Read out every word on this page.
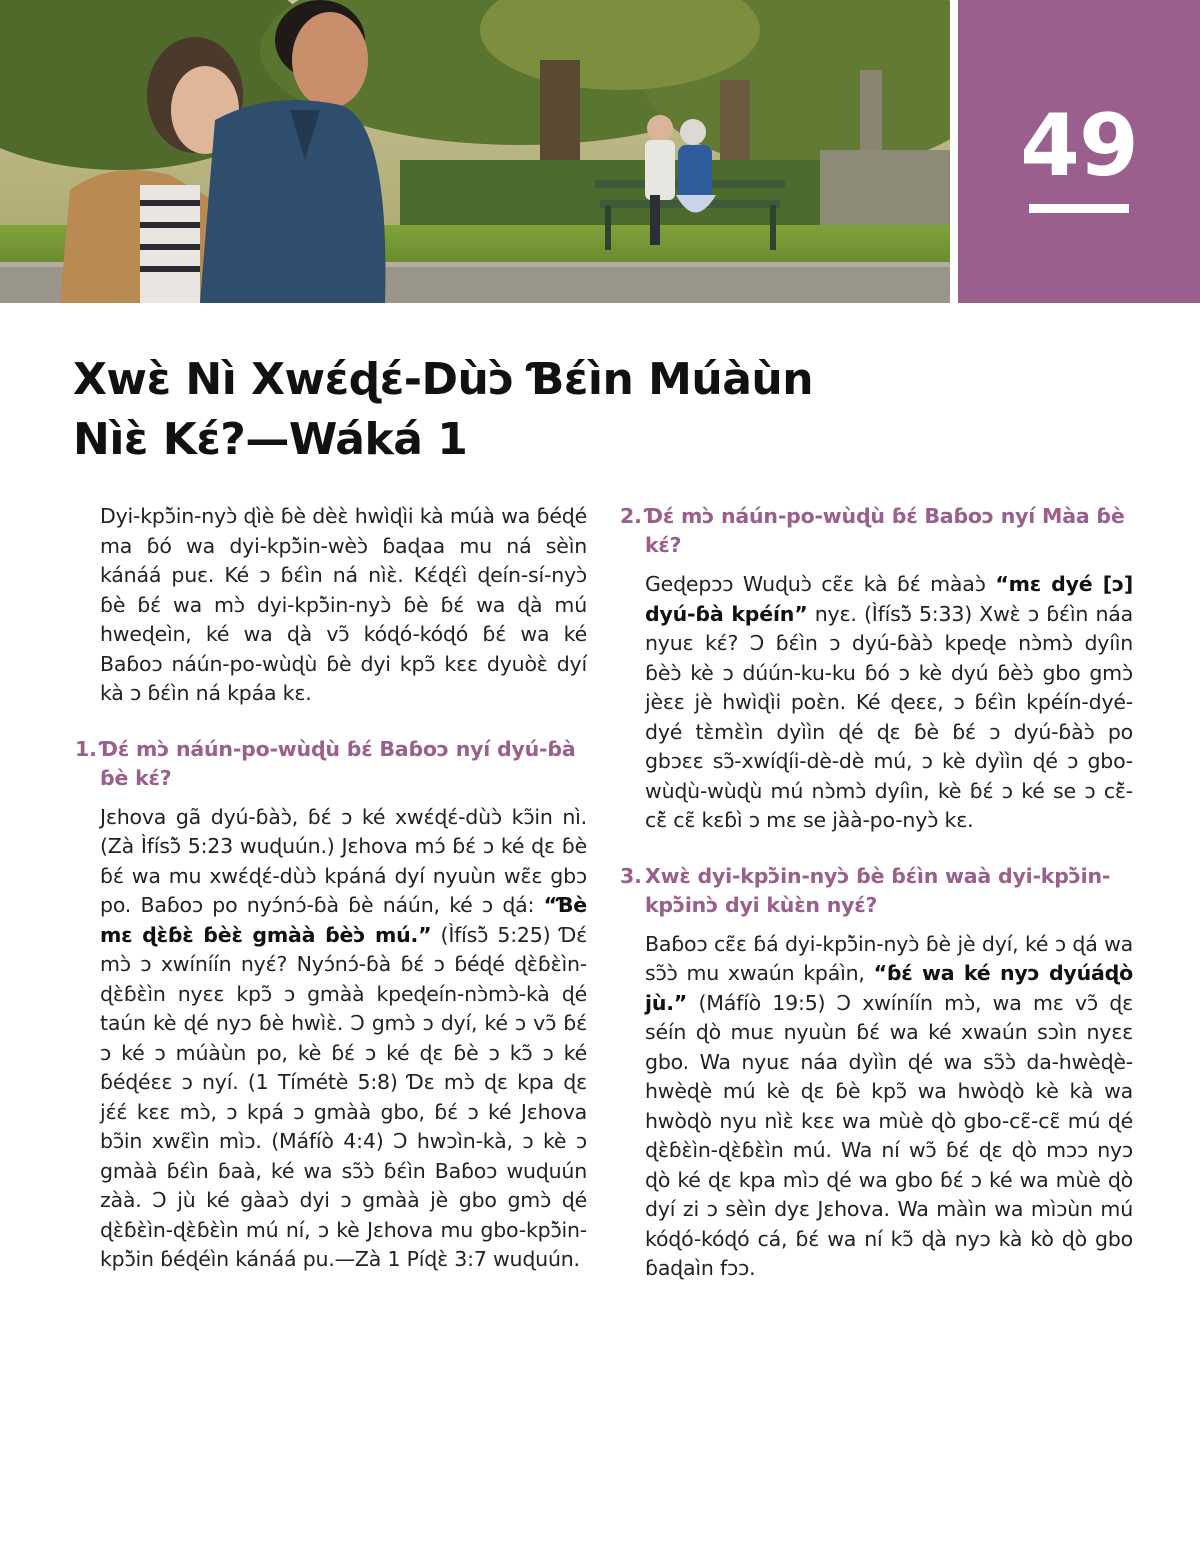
49
Xwɛ̀ Nì Xwɛ́ɖɛ́-Dùɔ̀ Ɓɛ́ìn Múàùn
Nìɛ̀ Kɛ́?—Wáká 1

Dyi-kpɔ̃̀in-nyɔ̀ ɖìè ɓè dèɛ̀ hwìɖìi kà múà wa ɓéɖé ma ɓó wa dyi-kpɔ̃̀in-wèɔ̀ ɓaɖaa mu ná sèìn kánáá puɛ. Ké ɔ ɓɛ́ìn ná nìɛ̀. Kɛ́ɖɛ́ì ɖeín-sí-nyɔ̀ ɓè ɓɛ́ wa mɔ̀ dyi-kpɔ̃̀in-nyɔ̀ ɓè ɓɛ́ wa ɖà mú hweɖeìn, ké wa ɖà vɔ̃ kóɖó-kóɖó ɓɛ́ wa ké Baɓoɔ náún-po-wùɖù ɓè dyi kpɔ̃ kɛɛ dyuòɛ̀ dyí kà ɔ ɓɛ́ìn ná kpáa kɛ.

1. Ɗɛ́ mɔ̀ náún-po-wùɖù ɓɛ́ Baɓoɔ nyí dyú-ɓà ɓè kɛ́?

Jɛhova gã dyú-ɓàɔ̀, ɓɛ́ ɔ ké xwɛ́ɖɛ́-dùɔ̀ kɔ̃in nì. (Zà Ìfísɔ̃̀ 5:23 wuɖuún.) Jɛhova mɔ́ ɓɛ́ ɔ ké ɖɛ ɓè ɓɛ́ wa mu xwɛ́ɖɛ́-dùɔ̀ kpáná dyí nyuùn wɛ̃ɛ gbɔ po. Baɓoɔ po nyɔ́nɔ́-ɓà ɓè náún, ké ɔ ɖá: “Ɓè mɛ ɖɛ̀ɓɛ̀ ɓèɛ̀ gmàà ɓèɔ̀ mú.” (Ìfísɔ̃̀ 5:25) Ɗɛ́ mɔ̀ ɔ xwíníín nyɛ́? Nyɔ́nɔ́-ɓà ɓɛ́ ɔ ɓéɖé ɖɛ̀ɓɛ̀ìn-ɖɛ̀ɓɛ̀ìn nyɛɛ kpɔ̃ ɔ gmàà kpeɖeín-nɔ̀mɔ̀-kà ɖé taún kè ɖé nyɔ ɓè hwìɛ̀. Ɔ gmɔ̀ ɔ dyí, ké ɔ vɔ̃ ɓɛ́ ɔ ké ɔ múàùn po, kè ɓɛ́ ɔ ké ɖɛ ɓè ɔ kɔ̃ ɔ ké ɓéɖéɛɛ ɔ nyí. (1 Tímétè 5:8) Ɗɛ mɔ̀ ɖɛ kpa ɖɛ jɛ́ɛ́ kɛɛ mɔ̀, ɔ kpá ɔ gmàà gbo, ɓɛ́ ɔ ké Jɛhova bɔ̃in xwɛ̃ìn mìɔ. (Máfíò 4:4) Ɔ hwɔìn-kà, ɔ kè ɔ gmàà ɓɛ́ìn ɓaà, ké wa sɔ̃ɔ̀ ɓɛ́ìn Baɓoɔ wuɖuún zàà. Ɔ jù ké gàaɔ̀ dyi ɔ gmàà jè gbo gmɔ̀ ɖé ɖɛ̀ɓɛ̀ìn-ɖɛ̀ɓɛ̀ìn mú ní, ɔ kè Jɛhova mu gbo-kpɔ̃̀in-kpɔ̃̀in ɓéɖéìn kánáá pu.—Zà 1 Píɖɛ̀ 3:7 wuɖuún.

2. Ɗɛ́ mɔ̀ náún-po-wùɖù ɓɛ́ Baɓoɔ nyí Màa ɓè kɛ́?

Geɖepɔɔ Wuɖuɔ̀ cɛ̃ɛ kà ɓɛ́ màaɔ̀ “mɛ dyé [ɔ] dyú-ɓà kpéín” nyɛ. (Ìfísɔ̃̀ 5:33) Xwɛ̀ ɔ ɓɛ́ìn náa nyuɛ kɛ́? Ɔ ɓɛ́ìn ɔ dyú-ɓàɔ̀ kpeɖe nɔ̀mɔ̀ dyíìn ɓèɔ̀ kè ɔ dúún-ku-ku ɓó ɔ kè dyú ɓèɔ̀ gbo gmɔ̀ jèɛɛ jè hwìɖìi poɛ̀n. Ké ɖeɛɛ, ɔ ɓɛ́ìn kpéín-dyé-dyé tɛ̀mɛ̀ìn dyììn ɖé ɖɛ ɓè ɓɛ́ ɔ dyú-ɓàɔ̀ po gbɔɛɛ sɔ̃-xwíɖíi-dè-dè mú, ɔ kè dyììn ɖé ɔ gbo-wùɖù-wùɖù mú nɔ̀mɔ̀ dyíìn, kè ɓɛ́ ɔ ké se ɔ cɛ̃̀-cɛ̃̀ cɛ̃ kɛɓì ɔ mɛ se jàà-po-nyɔ̀ kɛ.

3. Xwɛ̀ dyi-kpɔ̃̀in-nyɔ̀ ɓè ɓɛ́ìn waà dyi-kpɔ̃̀in-kpɔ̃̀inɔ̀ dyi kùɛ̀n nyɛ́?

Baɓoɔ cɛ̃ɛ ɓá dyi-kpɔ̃̀in-nyɔ̀ ɓè jè dyí, ké ɔ ɖá wa sɔ̃ɔ̀ mu xwaún kpáìn, “ɓɛ́ wa ké nyɔ dyúáɖò jù.” (Máfíò 19:5) Ɔ xwíníín mɔ̀, wa mɛ vɔ̃ ɖɛ séín ɖò muɛ nyuùn ɓɛ́ wa ké xwaún sɔìn nyɛɛ gbo. Wa nyuɛ náa dyììn ɖé wa sɔ̃ɔ̀ da-hwèɖè-hwèɖè mú kè ɖɛ ɓè kpɔ̃ wa hwòɖò kè kà wa hwòɖò nyu nìɛ̀ kɛɛ wa mùè ɖò gbo-cɛ̃-cɛ̃ mú ɖé ɖɛ̀ɓɛ̀ìn-ɖɛ̀ɓɛ̀ìn mú. Wa ní wɔ̃ ɓɛ́ ɖɛ ɖò mɔɔ nyɔ ɖò ké ɖɛ kpa mìɔ ɖé wa gbo ɓɛ́ ɔ ké wa mùè ɖò dyí zi ɔ sèìn dyɛ Jɛhova. Wa màìn wa mìɔùn mú kóɖó-kóɖó cá, ɓɛ́ wa ní kɔ̃ ɖà nyɔ kà kò ɖò gbo ɓaɖaìn fɔɔ.
